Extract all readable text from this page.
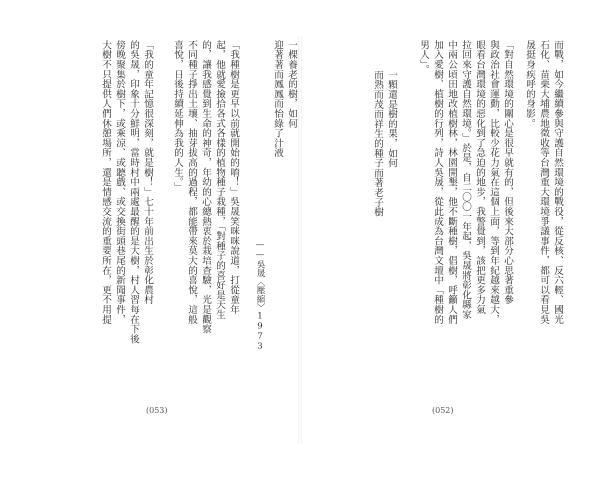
一棵養老的樹，如何
迎著著而鳳鳳而怡綠了汁液
——吳晟〈壓縮〉1973
「我種樹是更早以前就開始的唷！」吳晟笑咪咪說道，打從童年
起，他就愛撿拾各式各樣的植物種子栽種，「對種子的喜好是天生
的，讓我感覺到生命的神奇，年幼的心總熱衷於栽培查驗，光是觀察
不同種子掙出土壤、抽芽拔高的過程，都能帶來莫大的喜悅，這般
喜悅，日後持續延伸為我的人生。」
「我的童年記憶很深刻，就是樹！」七十年前出生於彰化農村
的吳晟，印象十分鮮明，當時村中兩處最醒的是大樹，村人習每在下後
傍晚聚集於樹下，或乘涼、或聽戲、或交換街頭巷尾的新聞事件，
大樹不只提供人們休憩場所，還是情感交流的重要所在，更不用提
(053)
而戰，如今繼續參與守護自然環境的戰役，從反核、反六輕、國光
石化、苗栗大埔農地徵收等台灣重大環境爭議事件，都可以看見吳
晟挺身疾呼的身影。
「對自然環境的關心是很早就有的，但後來大部分心思著重參
與政治社會運動，比較少花力氣在這個上面，等到年紀越來越大，
眼看台灣環境的惡化到了急迫的地步，我警覺到，該把更多力氣
拉回來守護自然環境。」於是，自二〇〇一年起，吳晟將彰化縣家
中兩公頃田地改植樹林，林園開墾，他不斷種樹，倡樹，呼籲人們
加入愛樹、植樹的行列，詩人吳晟，從此成為台灣文壇中「種樹的
男人」。
一顆還是樹的果，如何
而熟而茂而祥生的種子而著老子樹
(052)
